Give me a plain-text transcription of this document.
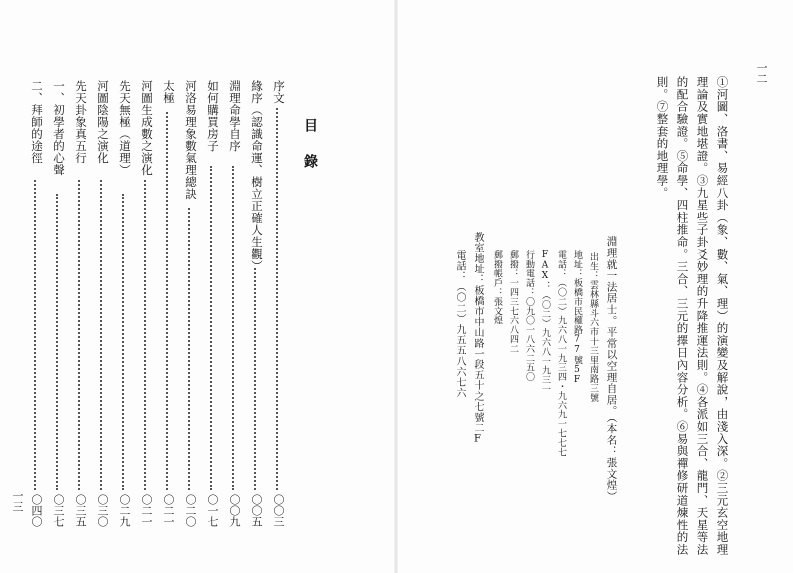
目錄
序文
〇〇三
緣序（認識命運、樹立正確人生觀）
〇〇五
淵理命學自序
〇〇九
如何購買房子
〇一七
河洛易理象數氣理總訣
〇二〇
太極
〇二一
河圖生成數之演化
〇二一
先天無極（道理）
〇二九
河圖陰陽之演化
〇三〇
先天卦象真五行
〇三五
一、初學者的心聲
〇三七
二、拜師的途徑
〇四〇
一三
一二
①河圖、洛書、易經八卦（象、數、氣、理）的演變及解說，由淺入深。②三元玄空地理
理論及實地堪證。③九星些子卦爻妙理的升降推運法則。④各派如三合、龍門、天星等法
的配合驗證。⑤命學、四柱推命。三合、三元的擇日內容分析。⑥易與禪修研道煉性的法
則。⑦整套的地理學。
淵理就一法居士。平常以空理自居。（本名：張文煌）
出生：雲林縣斗六市十三里南路三號
地址：板橋市民權路77號5F
電話：（〇二）九六八一九三四・九六九一七七七
FAX：（〇二）九六八一九三一
行動電話：〇九〇一八六二五〇
郵撥：一四三七六八四二
郵撥帳戶：張文煌
教室地址：板橋市中山路一段五十之七號二F
電話：（〇二）九五五八六七六
